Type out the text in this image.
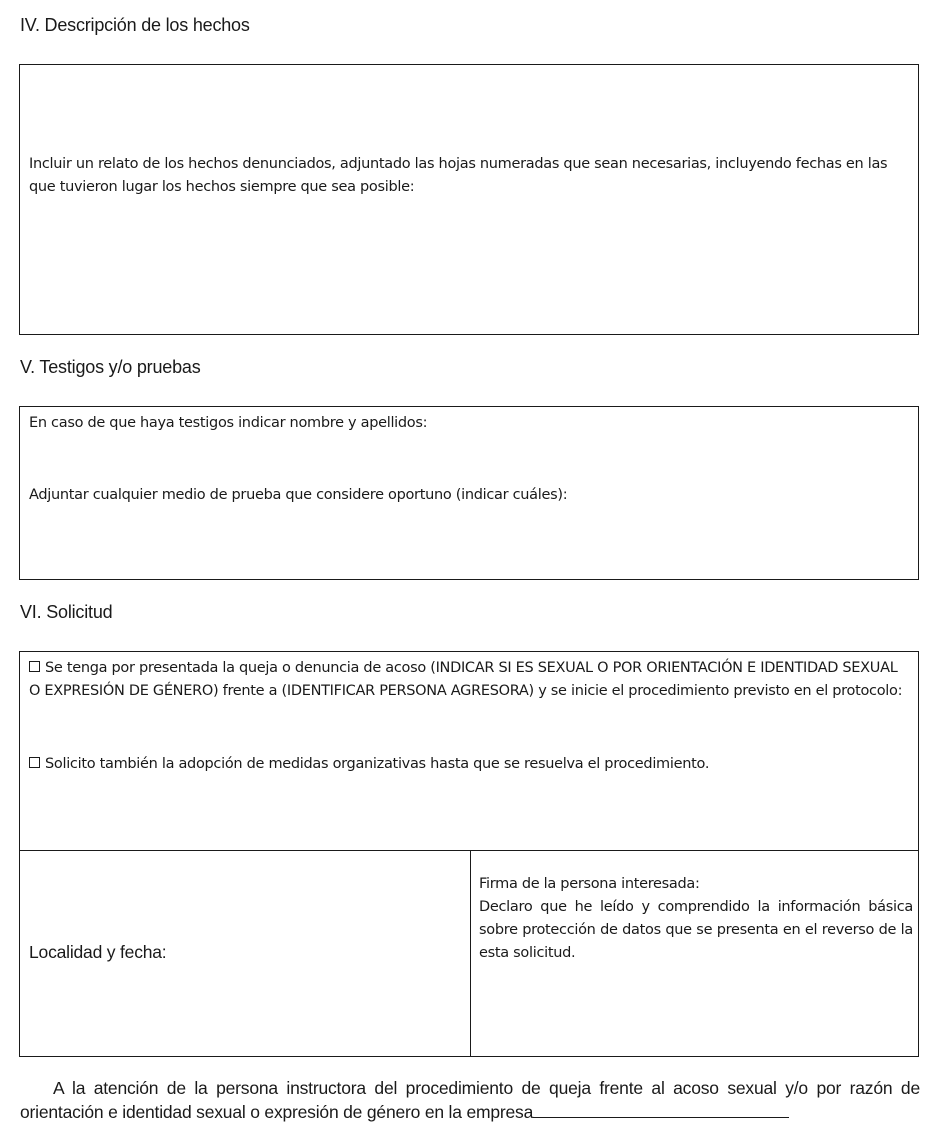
IV. Descripción de los hechos
Incluir un relato de los hechos denunciados, adjuntado las hojas numeradas que sean necesarias, incluyendo fechas en las que tuvieron lugar los hechos siempre que sea posible:
V. Testigos y/o pruebas
En caso de que haya testigos indicar nombre y apellidos:
Adjuntar cualquier medio de prueba que considere oportuno (indicar cuáles):
VI. Solicitud
Se tenga por presentada la queja o denuncia de acoso (INDICAR SI ES SEXUAL O POR ORIENTACIÓN E IDENTIDAD SEXUAL O EXPRESIÓN DE GÉNERO) frente a (IDENTIFICAR PERSONA AGRESORA) y se inicie el procedimiento previsto en el protocolo:
Solicito también la adopción de medidas organizativas hasta que se resuelva el procedimiento.
Localidad y fecha:
Firma de la persona interesada:
Declaro que he leído y comprendido la información básica sobre protección de datos que se presenta en el reverso de la esta solicitud.
A la atención de la persona instructora del procedimiento de queja frente al acoso sexual y/o por razón de orientación e identidad sexual o expresión de género en la empresa
